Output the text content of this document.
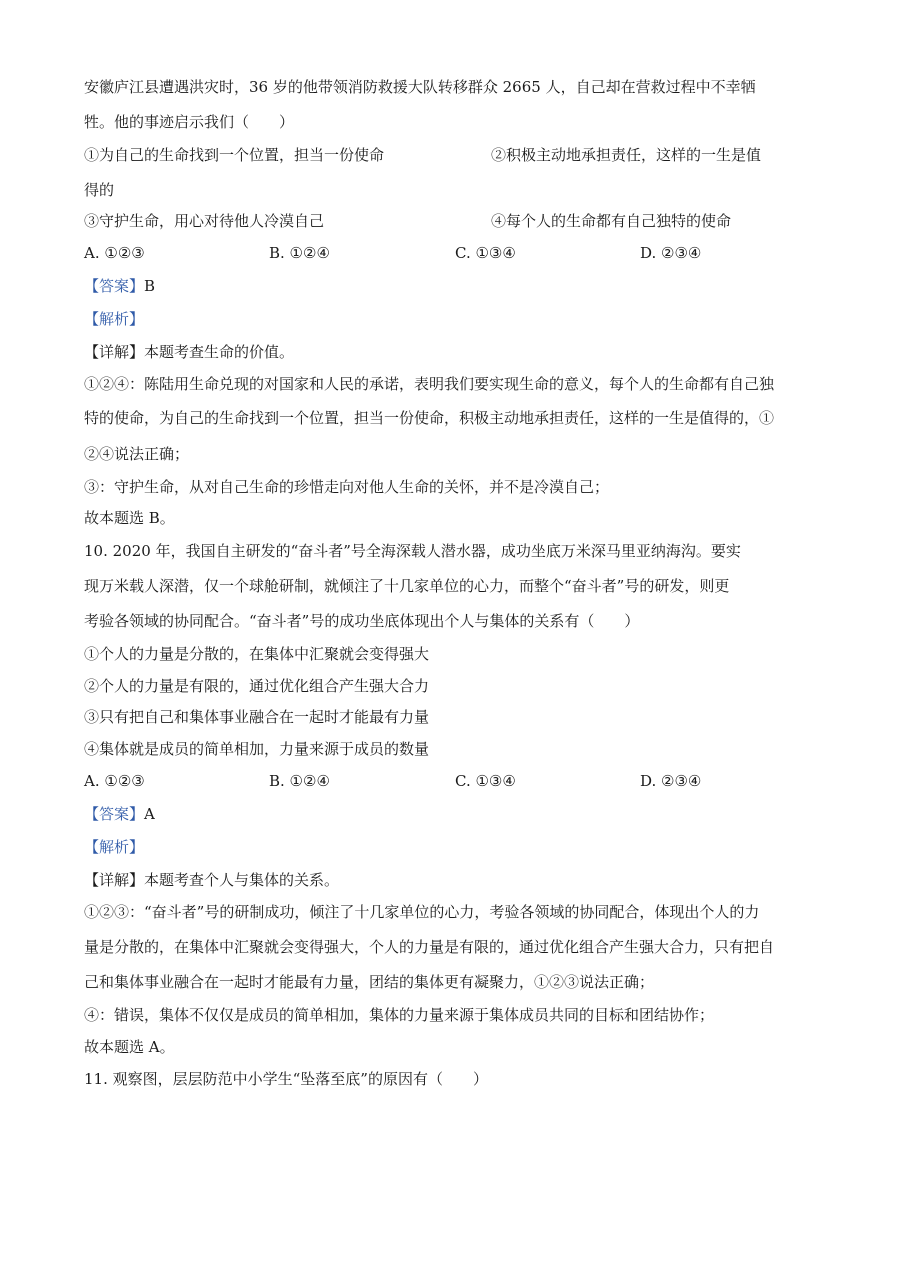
安徽庐江县遭遇洪灾时，36 岁的他带领消防救援大队转移群众 2665 人，自己却在营救过程中不幸牺
牲。他的事迹启示我们（　　）
①为自己的生命找到一个位置，担当一份使命	②积极主动地承担责任，这样的一生是值
得的
③守护生命，用心对待他人冷漠自己	④每个人的生命都有自己独特的使命
A. ①②③	B. ①②④	C. ①③④	D. ②③④
【答案】B
【解析】
【详解】本题考查生命的价值。
①②④：陈陆用生命兑现的对国家和人民的承诺，表明我们要实现生命的意义，每个人的生命都有自己独
特的使命，为自己的生命找到一个位置，担当一份使命，积极主动地承担责任，这样的一生是值得的，①
②④说法正确；
③：守护生命，从对自己生命的珍惜走向对他人生命的关怀，并不是冷漠自己；
故本题选 B。
10. 2020 年，我国自主研发的“奋斗者”号全海深载人潜水器，成功坐底万米深马里亚纳海沟。要实
现万米载人深潜，仅一个球舱研制，就倾注了十几家单位的心力，而整个“奋斗者”号的研发，则更
考验各领域的协同配合。“奋斗者”号的成功坐底体现出个人与集体的关系有（　　）
①个人的力量是分散的，在集体中汇聚就会变得强大
②个人的力量是有限的，通过优化组合产生强大合力
③只有把自己和集体事业融合在一起时才能最有力量
④集体就是成员的简单相加，力量来源于成员的数量
A. ①②③	B. ①②④	C. ①③④	D. ②③④
【答案】A
【解析】
【详解】本题考查个人与集体的关系。
①②③：“奋斗者”号的研制成功，倾注了十几家单位的心力，考验各领域的协同配合，体现出个人的力
量是分散的，在集体中汇聚就会变得强大，个人的力量是有限的，通过优化组合产生强大合力，只有把自
己和集体事业融合在一起时才能最有力量，团结的集体更有凝聚力，①②③说法正确；
④：错误，集体不仅仅是成员的简单相加，集体的力量来源于集体成员共同的目标和团结协作；
故本题选 A。
11. 观察图，层层防范中小学生“坠落至底”的原因有（　　）
